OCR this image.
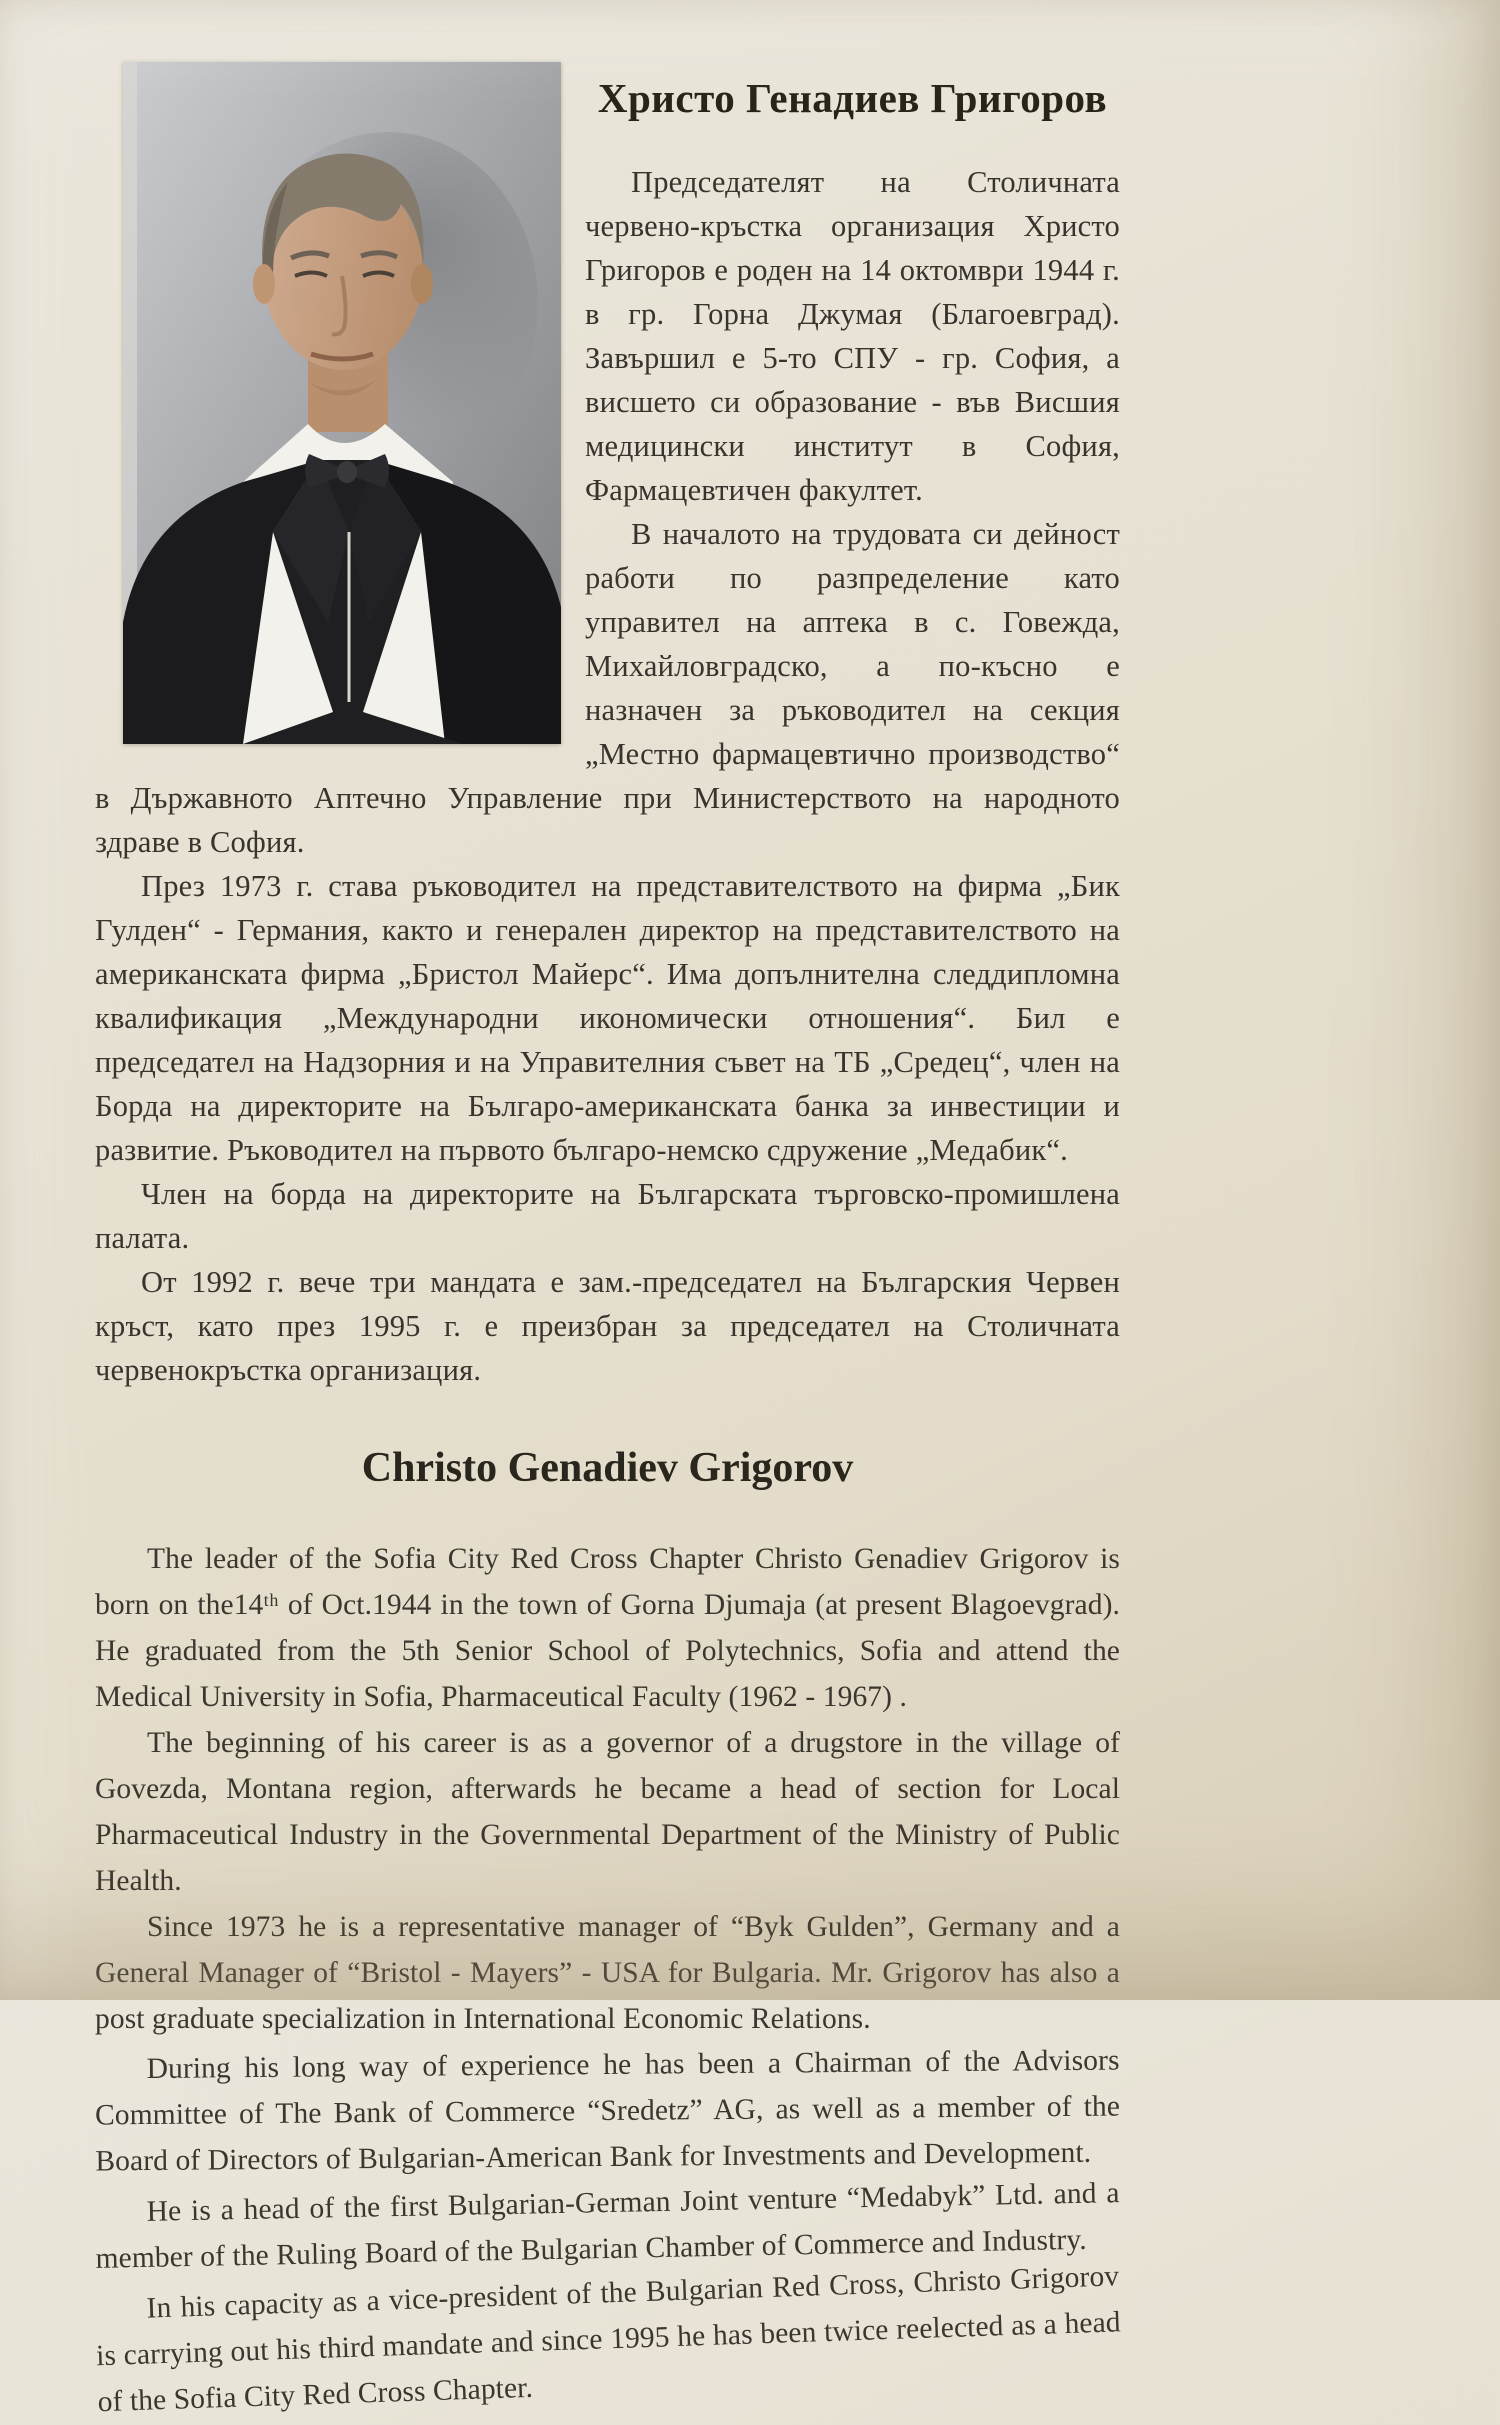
Христо Генадиев Григоров

Председателят на Столичната червено-кръстка организация Христо Григоров е роден на 14 октомври 1944 г. в гр. Горна Джумая (Благоевград). Завършил е 5-то СПУ - гр. София, а висшето си образование - във Висшия медицински институт в София, Фармацевтичен факултет.

В началото на трудовата си дейност работи по разпределение като управител на аптека в с. Говежда, Михайловградско, а по-късно е назначен за ръководител на секция „Местно фармацевтично производство“ в Държавното Аптечно Управление при Министерството на народното здраве в София.

През 1973 г. става ръководител на представителството на фирма „Бик Гулден“ - Германия, както и генерален директор на представителството на американската фирма „Бристол Майерс“. Има допълнителна следдипломна квалификация „Международни икономически отношения“. Бил е председател на Надзорния и на Управителния съвет на ТБ „Средец“, член на Борда на директорите на Българо-американската банка за инвестиции и развитие. Ръководител на първото българо-немско сдружение „Медабик“.

Член на борда на директорите на Българската търговско-промишлена палата.

От 1992 г. вече три мандата е зам.-председател на Българския Червен кръст, като през 1995 г. е преизбран за председател на Столичната червенокръстка организация.

Christo Genadiev Grigorov

The leader of the Sofia City Red Cross Chapter Christo Genadiev Grigorov is born on the14ᵗʰ of Oct.1944 in the town of Gorna Djumaja (at present Blagoevgrad). He graduated from the 5th Senior School of Polytechnics, Sofia and attend the Medical University in Sofia, Pharmaceutical Faculty (1962 - 1967) .

The beginning of his career is as a governor of a drugstore in the village of Govezda, Montana region, afterwards he became a head of section for Local Pharmaceutical Industry in the Governmental Department of the Ministry of Public Health.

Since 1973 he is a representative manager of “Byk Gulden”, Germany and a General Manager of “Bristol - Mayers” - USA for Bulgaria. Mr. Grigorov has also a post graduate specialization in International Economic Relations.

During his long way of experience he has been a Chairman of the Advisors Committee of The Bank of Commerce “Sredetz” AG, as well as a member of the Board of Directors of Bulgarian-American Bank for Investments and Development.

He is a head of the first Bulgarian-German Joint venture “Medabyk” Ltd. and a member of the Ruling Board of the Bulgarian Chamber of Commerce and Industry.

In his capacity as a vice-president of the Bulgarian Red Cross, Christo Grigorov is carrying out his third mandate and since 1995 he has been twice reelected as a head of the Sofia City Red Cross Chapter.
